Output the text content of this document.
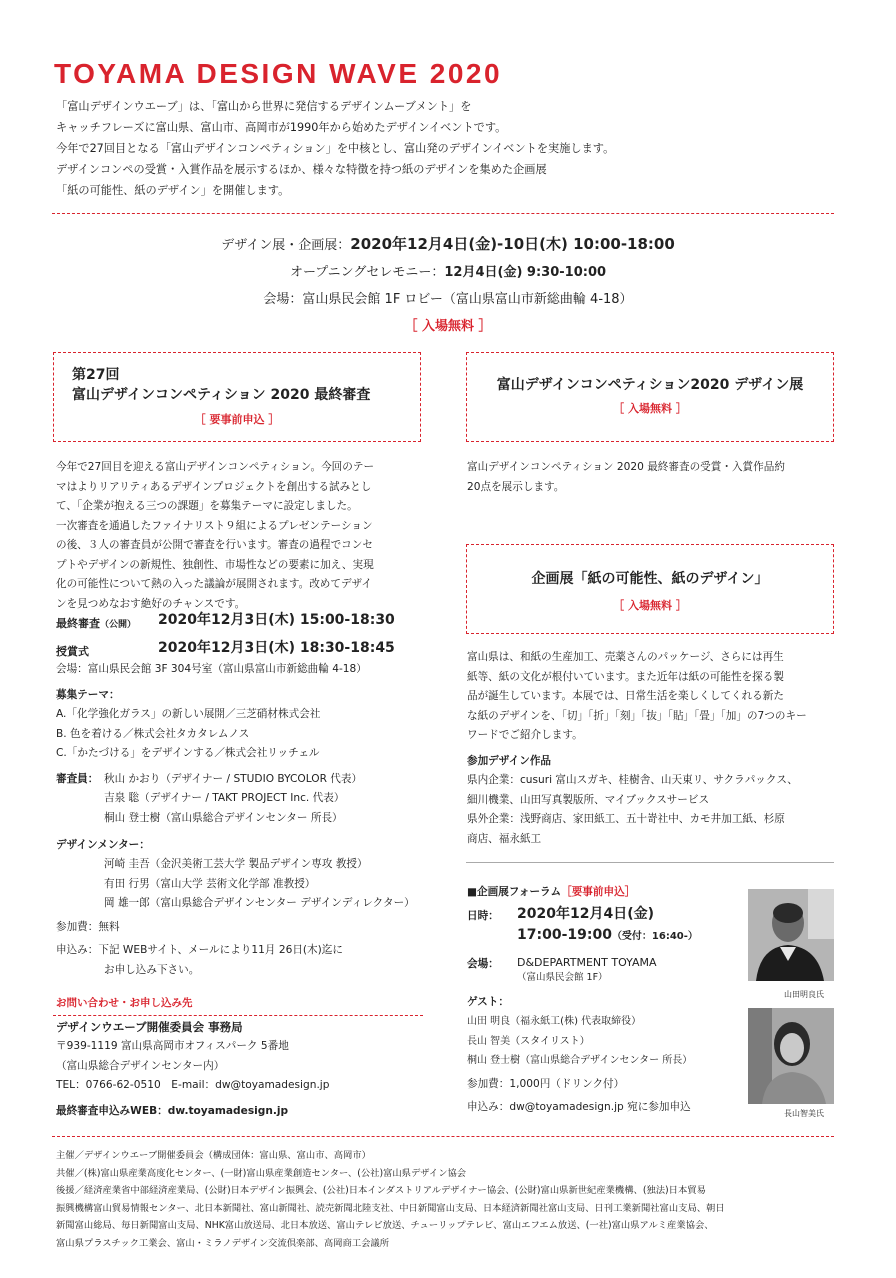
TOYAMA DESIGN WAVE 2020
「富山デザインウエーブ」は、「富山から世界に発信するデザインムーブメント」を
キャッチフレーズに富山県、富山市、高岡市が1990年から始めたデザインイベントです。
今年で27回目となる「富山デザインコンペティション」を中核とし、富山発のデザインイベントを実施します。
デザインコンペの受賞・入賞作品を展示するほか、様々な特徴を持つ紙のデザインを集めた企画展
「紙の可能性、紙のデザイン」を開催します。
デザイン展・企画展：2020年12月4日(金)-10日(木) 10:00-18:00
オープニングセレモニー：12月4日(金) 9:30-10:00
会場：富山県民会館 1F ロビー（富山県富山市新総曲輪 4-18）
［ 入場無料 ］
第27回
富山デザインコンペティション 2020 最終審査
［ 要事前申込 ］
今年で27回目を迎える富山デザインコンペティション。今回のテー
マはよりリアリティあるデザインプロジェクトを創出する試みとし
て、「企業が抱える三つの課題」を募集テーマに設定しました。
一次審査を通過したファイナリスト９組によるプレゼンテーション
の後、３人の審査員が公開で審査を行います。審査の過程でコンセ
プトやデザインの新規性、独創性、市場性などの要素に加え、実現
化の可能性について熱の入った議論が展開されます。改めてデザイ
ンを見つめなおす絶好のチャンスです。
最終審査（公開） 2020年12月3日(木) 15:00-18:30
授賞式	2020年12月3日(木) 18:30-18:45
会場：富山県民会館 3F 304号室（富山県富山市新総曲輪 4-18）
募集テーマ：
A.「化学強化ガラス」の新しい展開／三芝硝材株式会社
B. 色を着ける／株式会社タカタレムノス
C.「かたづける」をデザインする／株式会社リッチェル
審査員： 秋山 かおり（デザイナー / STUDIO BYCOLOR 代表）
吉泉 聡（デザイナー / TAKT PROJECT Inc. 代表）
桐山 登士樹（富山県総合デザインセンター 所長）
デザインメンター：
河崎 圭吾（金沢美術工芸大学 製品デザイン専攻 教授）
有田 行男（富山大学 芸術文化学部 准教授）
岡 雄一郎（富山県総合デザインセンター デザインディレクター）
参加費：無料
申込み：下記 WEBサイト、メールにより11月 26日(木)迄に
お申し込み下さい。
お問い合わせ・お申し込み先
デザインウエーブ開催委員会 事務局
〒939-1119 富山県高岡市オフィスパーク 5番地
（富山県総合デザインセンター内）
TEL：0766-62-0510　E-mail：dw@toyamadesign.jp
最終審査申込みWEB：dw.toyamadesign.jp
富山デザインコンペティション2020 デザイン展
［ 入場無料 ］
富山デザインコンペティション 2020 最終審査の受賞・入賞作品約
20点を展示します。
企画展「紙の可能性、紙のデザイン」
［ 入場無料 ］
富山県は、和紙の生産加工、売薬さんのパッケージ、さらには再生
紙等、紙の文化が根付いています。また近年は紙の可能性を探る製
品が誕生しています。本展では、日常生活を楽しくしてくれる新た
な紙のデザインを、「切」「折」「刻」「抜」「貼」「畳」「加」の7つのキー
ワードでご紹介します。
参加デザイン作品
県内企業：cusuri 富山スガキ、桂樹舎、山天東リ、サクラパックス、
細川機業、山田写真製版所、マイブックスサービス
県外企業：浅野商店、家田紙工、五十嵜社中、カモ井加工紙、杉原
商店、福永紙工
■企画展フォーラム［要事前申込］
日時： 2020年12月4日(金)
17:00-19:00（受付：16:40-）
会場： D&DEPARTMENT TOYAMA
（富山県民会館 1F）
ゲスト：
山田 明良（福永紙工(株) 代表取締役）
長山 智美（スタイリスト）
桐山 登士樹（富山県総合デザインセンター 所長）
参加費：1,000円（ドリンク付）
申込み：dw@toyamadesign.jp 宛に参加申込
山田明良氏
長山智美氏
主催／デザインウエーブ開催委員会（構成団体：富山県、富山市、高岡市）
共催／(株)富山県産業高度化センター、(一財)富山県産業創造センター、(公社)富山県デザイン協会
後援／経済産業省中部経済産業局、(公財)日本デザイン振興会、(公社)日本インダストリアルデザイナー協会、(公財)富山県新世紀産業機構、(独法)日本貿易
振興機構富山貿易情報センター、北日本新聞社、富山新聞社、読売新聞北陸支社、中日新聞富山支局、日本経済新聞社富山支局、日刊工業新聞社富山支局、朝日
新聞富山総局、毎日新聞富山支局、NHK富山放送局、北日本放送、富山テレビ放送、チューリップテレビ、富山エフエム放送、(一社)富山県アルミ産業協会、
富山県プラスチック工業会、富山・ミラノデザイン交流倶楽部、高岡商工会議所
